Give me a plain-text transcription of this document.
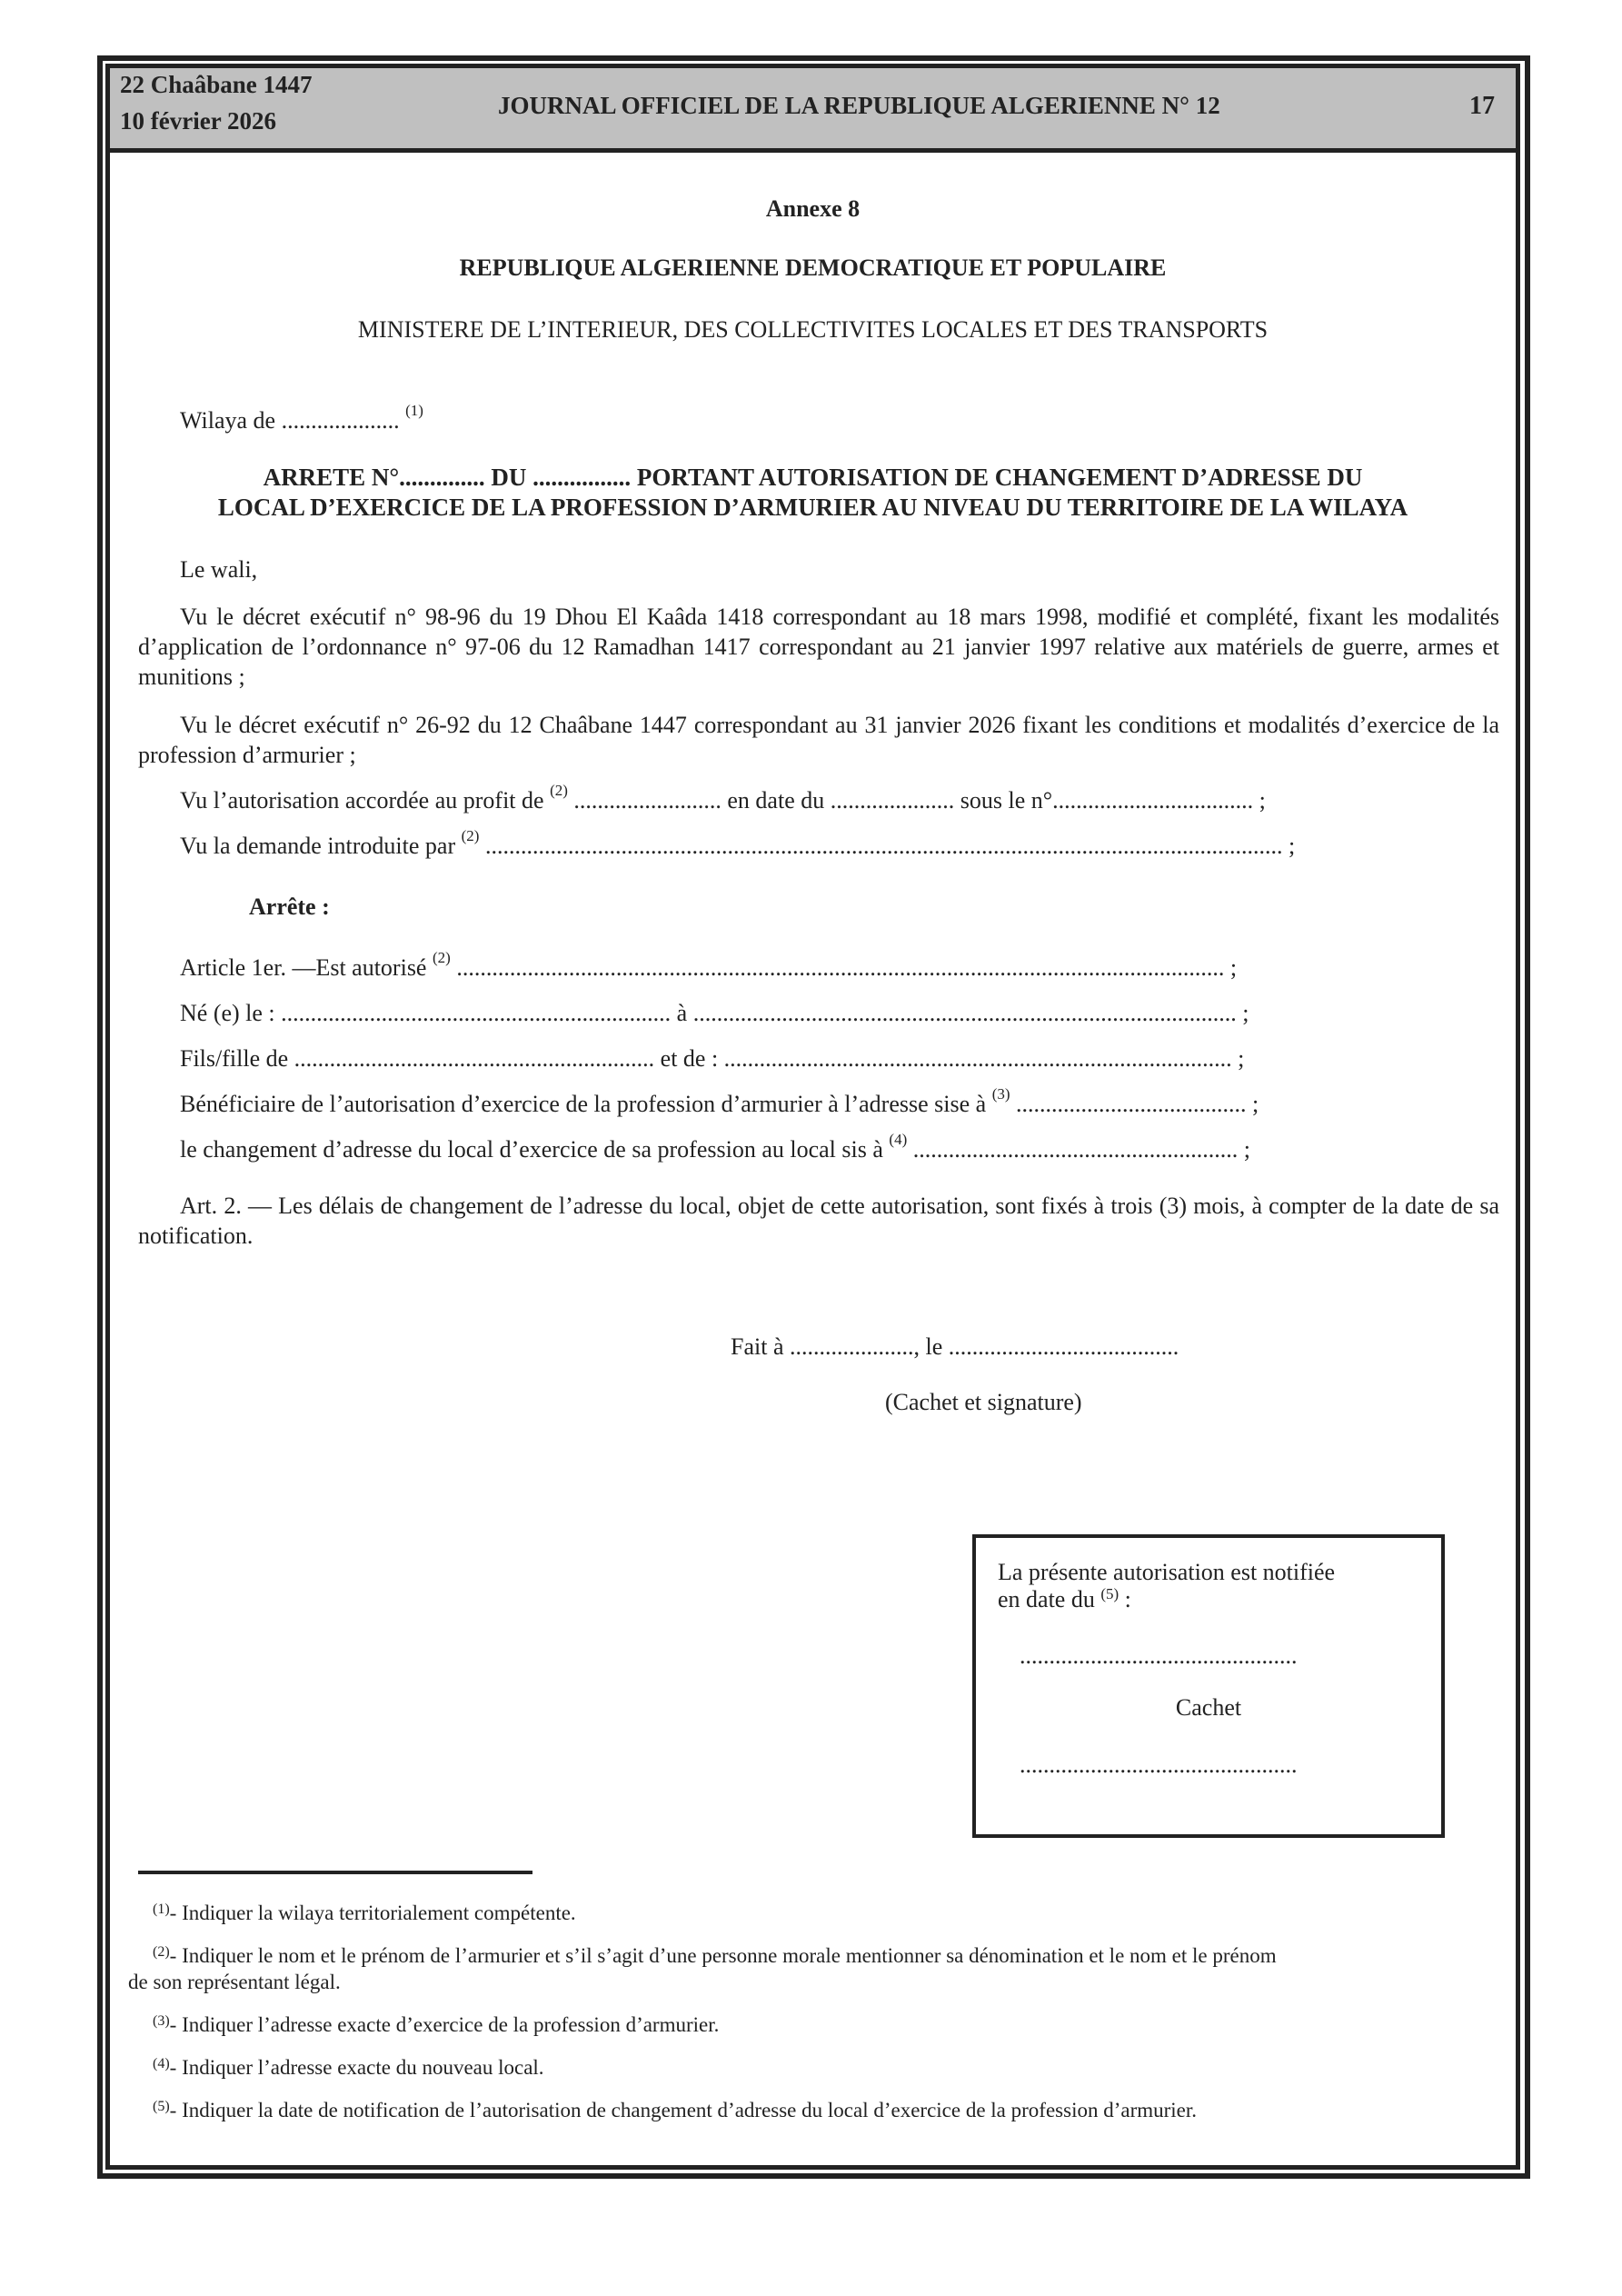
22 Chaâbane 1447
10 février 2026
JOURNAL OFFICIEL DE LA REPUBLIQUE ALGERIENNE N° 12	17
Annexe 8
REPUBLIQUE ALGERIENNE DEMOCRATIQUE ET POPULAIRE
MINISTERE DE L’INTERIEUR, DES COLLECTIVITES LOCALES ET DES TRANSPORTS
Wilaya de .................... $^{(1)}$
ARRETE N°.............. DU ................ PORTANT AUTORISATION DE CHANGEMENT D’ADRESSE DU
LOCAL D’EXERCICE DE LA PROFESSION D’ARMURIER AU NIVEAU DU TERRITOIRE DE LA WILAYA
Le wali,
Vu le décret exécutif n° 98-96 du 19 Dhou El Kaâda 1418 correspondant au 18 mars 1998, modifié et complété, fixant les modalités d’application de l’ordonnance n° 97-06 du 12 Ramadhan 1417 correspondant au 21 janvier 1997 relative aux matériels de guerre, armes et munitions ;
Vu le décret exécutif n° 26-92 du 12 Chaâbane 1447 correspondant au 31 janvier 2026 fixant les conditions et modalités d’exercice de la profession d’armurier ;
Vu l’autorisation accordée au profit de $^{(2)}$ ......................... en date du ..................... sous le n°.................................. ;
Vu la demande introduite par $^{(2)}$ ....................................................................................................................................... ;
Arrête :
Article 1er. —Est autorisé $^{(2)}$ .................................................................................................................................. ;
Né (e) le : .................................................................. à ............................................................................................ ;
Fils/fille de ............................................................. et de : ...................................................................................... ;
Bénéficiaire de l’autorisation d’exercice de la profession d’armurier à l’adresse sise à $^{(3)}$ ....................................... ;
le changement d’adresse du local d’exercice de sa profession au local sis à $^{(4)}$ ....................................................... ;
Art. 2. — Les délais de changement de l’adresse du local, objet de cette autorisation, sont fixés à trois (3) mois, à compter de la date de sa notification.
Fait à ....................., le .......................................
(Cachet et signature)
La présente autorisation est notifiée
en date du $^{(5)}$ :
...............................................
Cachet
...............................................
$^{(1)}$- Indiquer la wilaya territorialement compétente.
$^{(2)}$- Indiquer le nom et le prénom de l’armurier et s’il s’agit d’une personne morale mentionner sa dénomination et le nom et le prénom
de son représentant légal.
$^{(3)}$- Indiquer l’adresse exacte d’exercice de la profession d’armurier.
$^{(4)}$- Indiquer l’adresse exacte du nouveau local.
$^{(5)}$- Indiquer la date de notification de l’autorisation de changement d’adresse du local d’exercice de la profession d’armurier.
